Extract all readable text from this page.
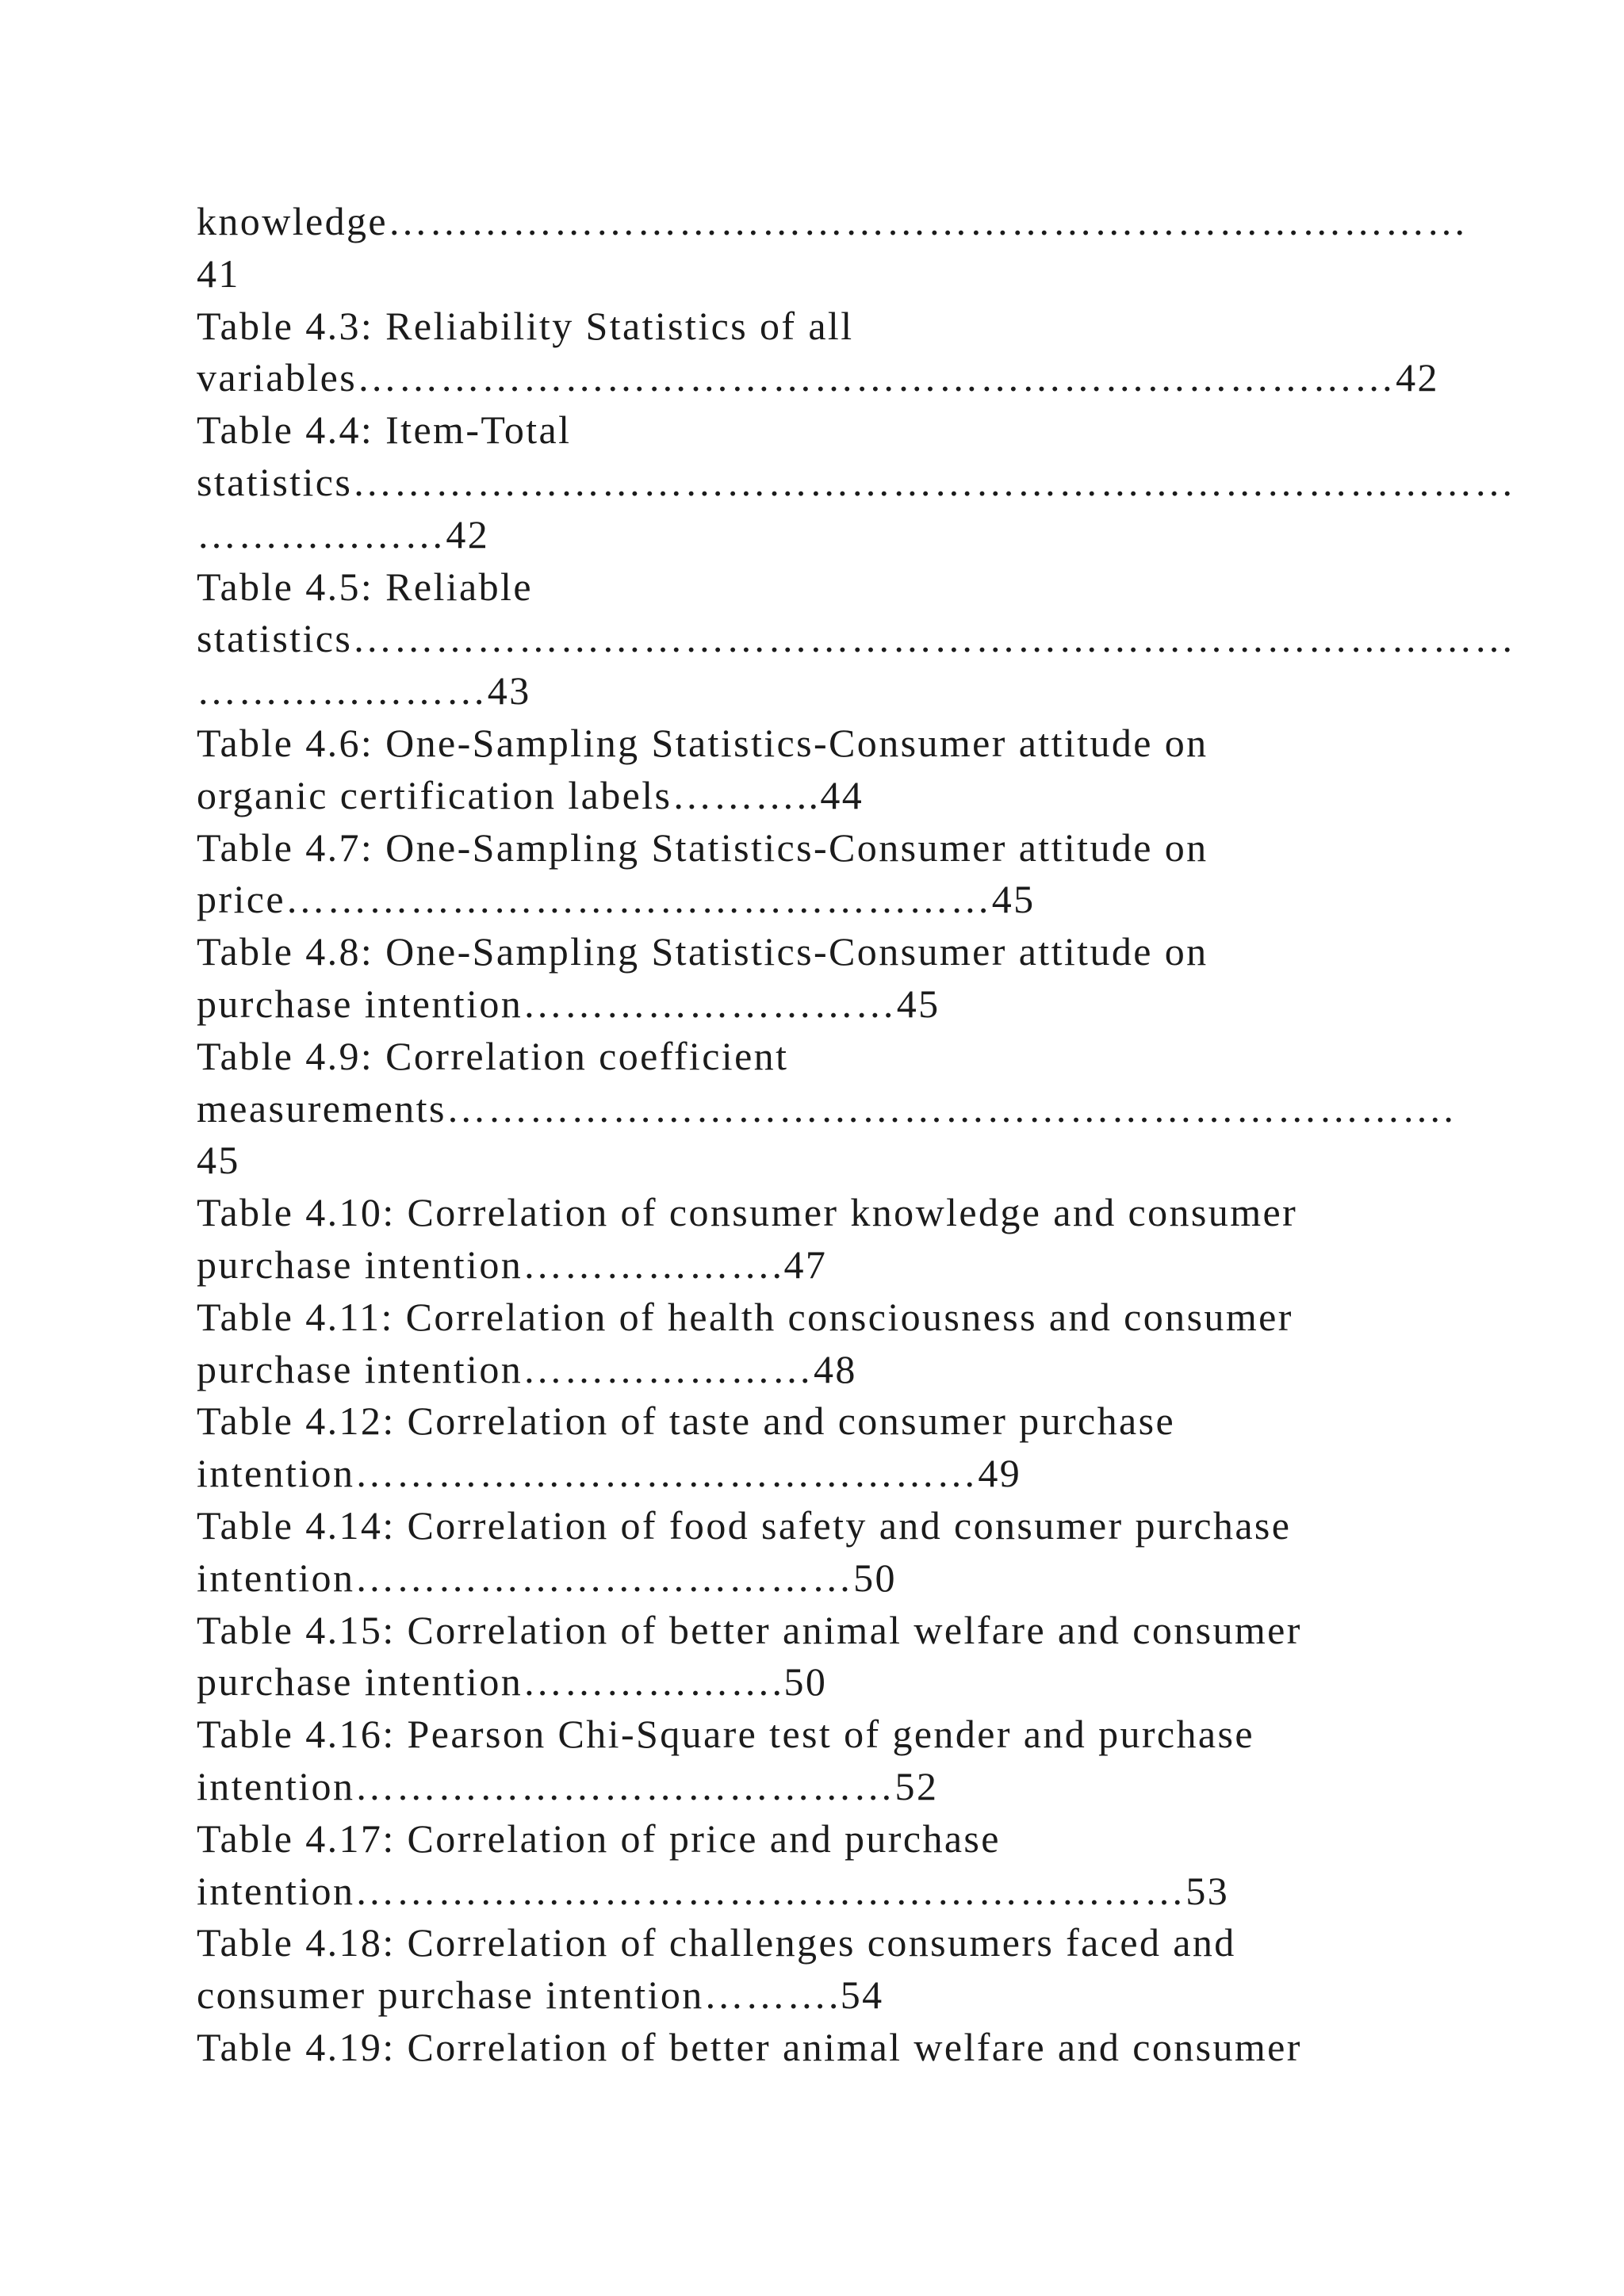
knowledge……………………………………………………………………
41
Table 4.3: Reliability Statistics of all
variables…………………………………………………………………42
Table 4.4: Item-Total
statistics…………………………………………………………………………
………………42
Table 4.5: Reliable
statistics…………………………………………………………………………
…………………43
Table 4.6: One-Sampling Statistics-Consumer attitude on
organic certification labels………..44
Table 4.7: One-Sampling Statistics-Consumer attitude on
price……………………………………………45
Table 4.8: One-Sampling Statistics-Consumer attitude on
purchase intention………………………45
Table 4.9: Correlation coefficient
measurements……………………………………………………………….
45
Table 4.10: Correlation of consumer knowledge and consumer
purchase intention……………….47
Table 4.11: Correlation of health consciousness and consumer
purchase intention…………………48
Table 4.12: Correlation of taste and consumer purchase
intention………………………………………49
Table 4.14: Correlation of food safety and consumer purchase
intention………………………………50
Table 4.15: Correlation of better animal welfare and consumer
purchase intention……………….50
Table 4.16: Pearson Chi-Square test of gender and purchase
intention…………………………………52
Table 4.17: Correlation of price and purchase
intention……………………………………………………53
Table 4.18: Correlation of challenges consumers faced and
consumer purchase intention……….54
Table 4.19: Correlation of better animal welfare and consumer
